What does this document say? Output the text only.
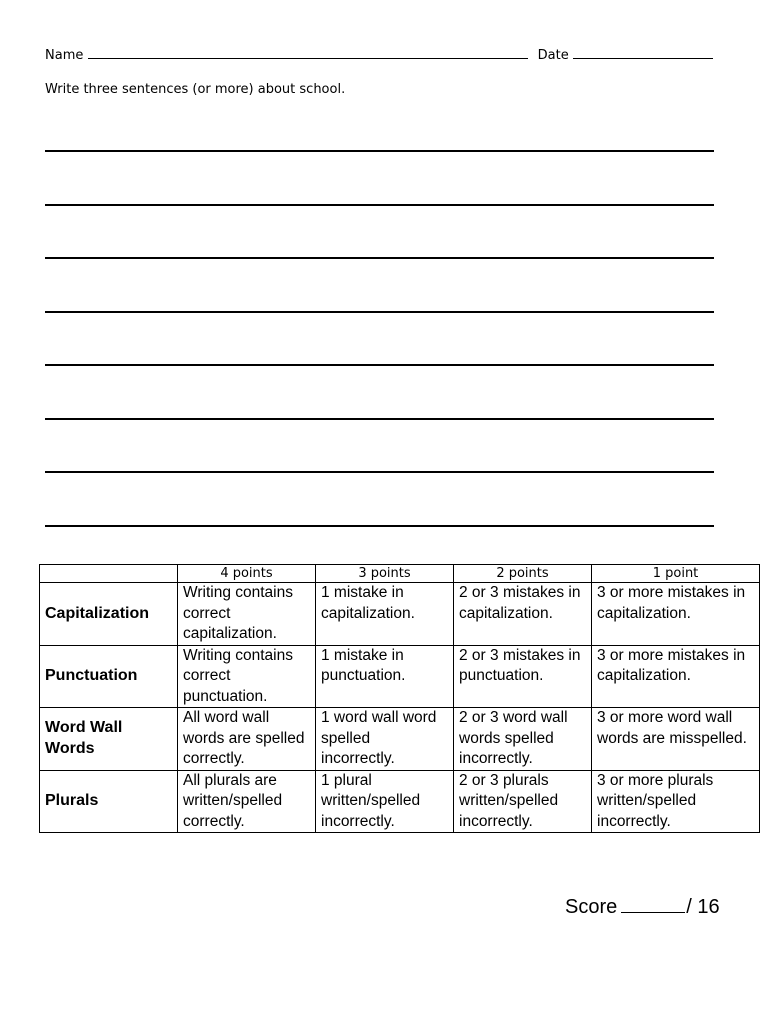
Name	Date
Write three sentences (or more) about school.
	4 points	3 points	2 points	1 point
Capitalization	Writing contains correct capitalization.	1 mistake in capitalization.	2 or 3 mistakes in capitalization.	3 or more mistakes in capitalization.
Punctuation	Writing contains correct punctuation.	1 mistake in punctuation.	2 or 3 mistakes in punctuation.	3 or more mistakes in capitalization.
Word Wall Words	All word wall words are spelled correctly.	1 word wall word spelled incorrectly.	2 or 3 word wall words spelled incorrectly.	3 or more word wall words are misspelled.
Plurals	All plurals are written/spelled correctly.	1 plural written/spelled incorrectly.	2 or 3 plurals written/spelled incorrectly.	3 or more plurals written/spelled incorrectly.
Score	/ 16
